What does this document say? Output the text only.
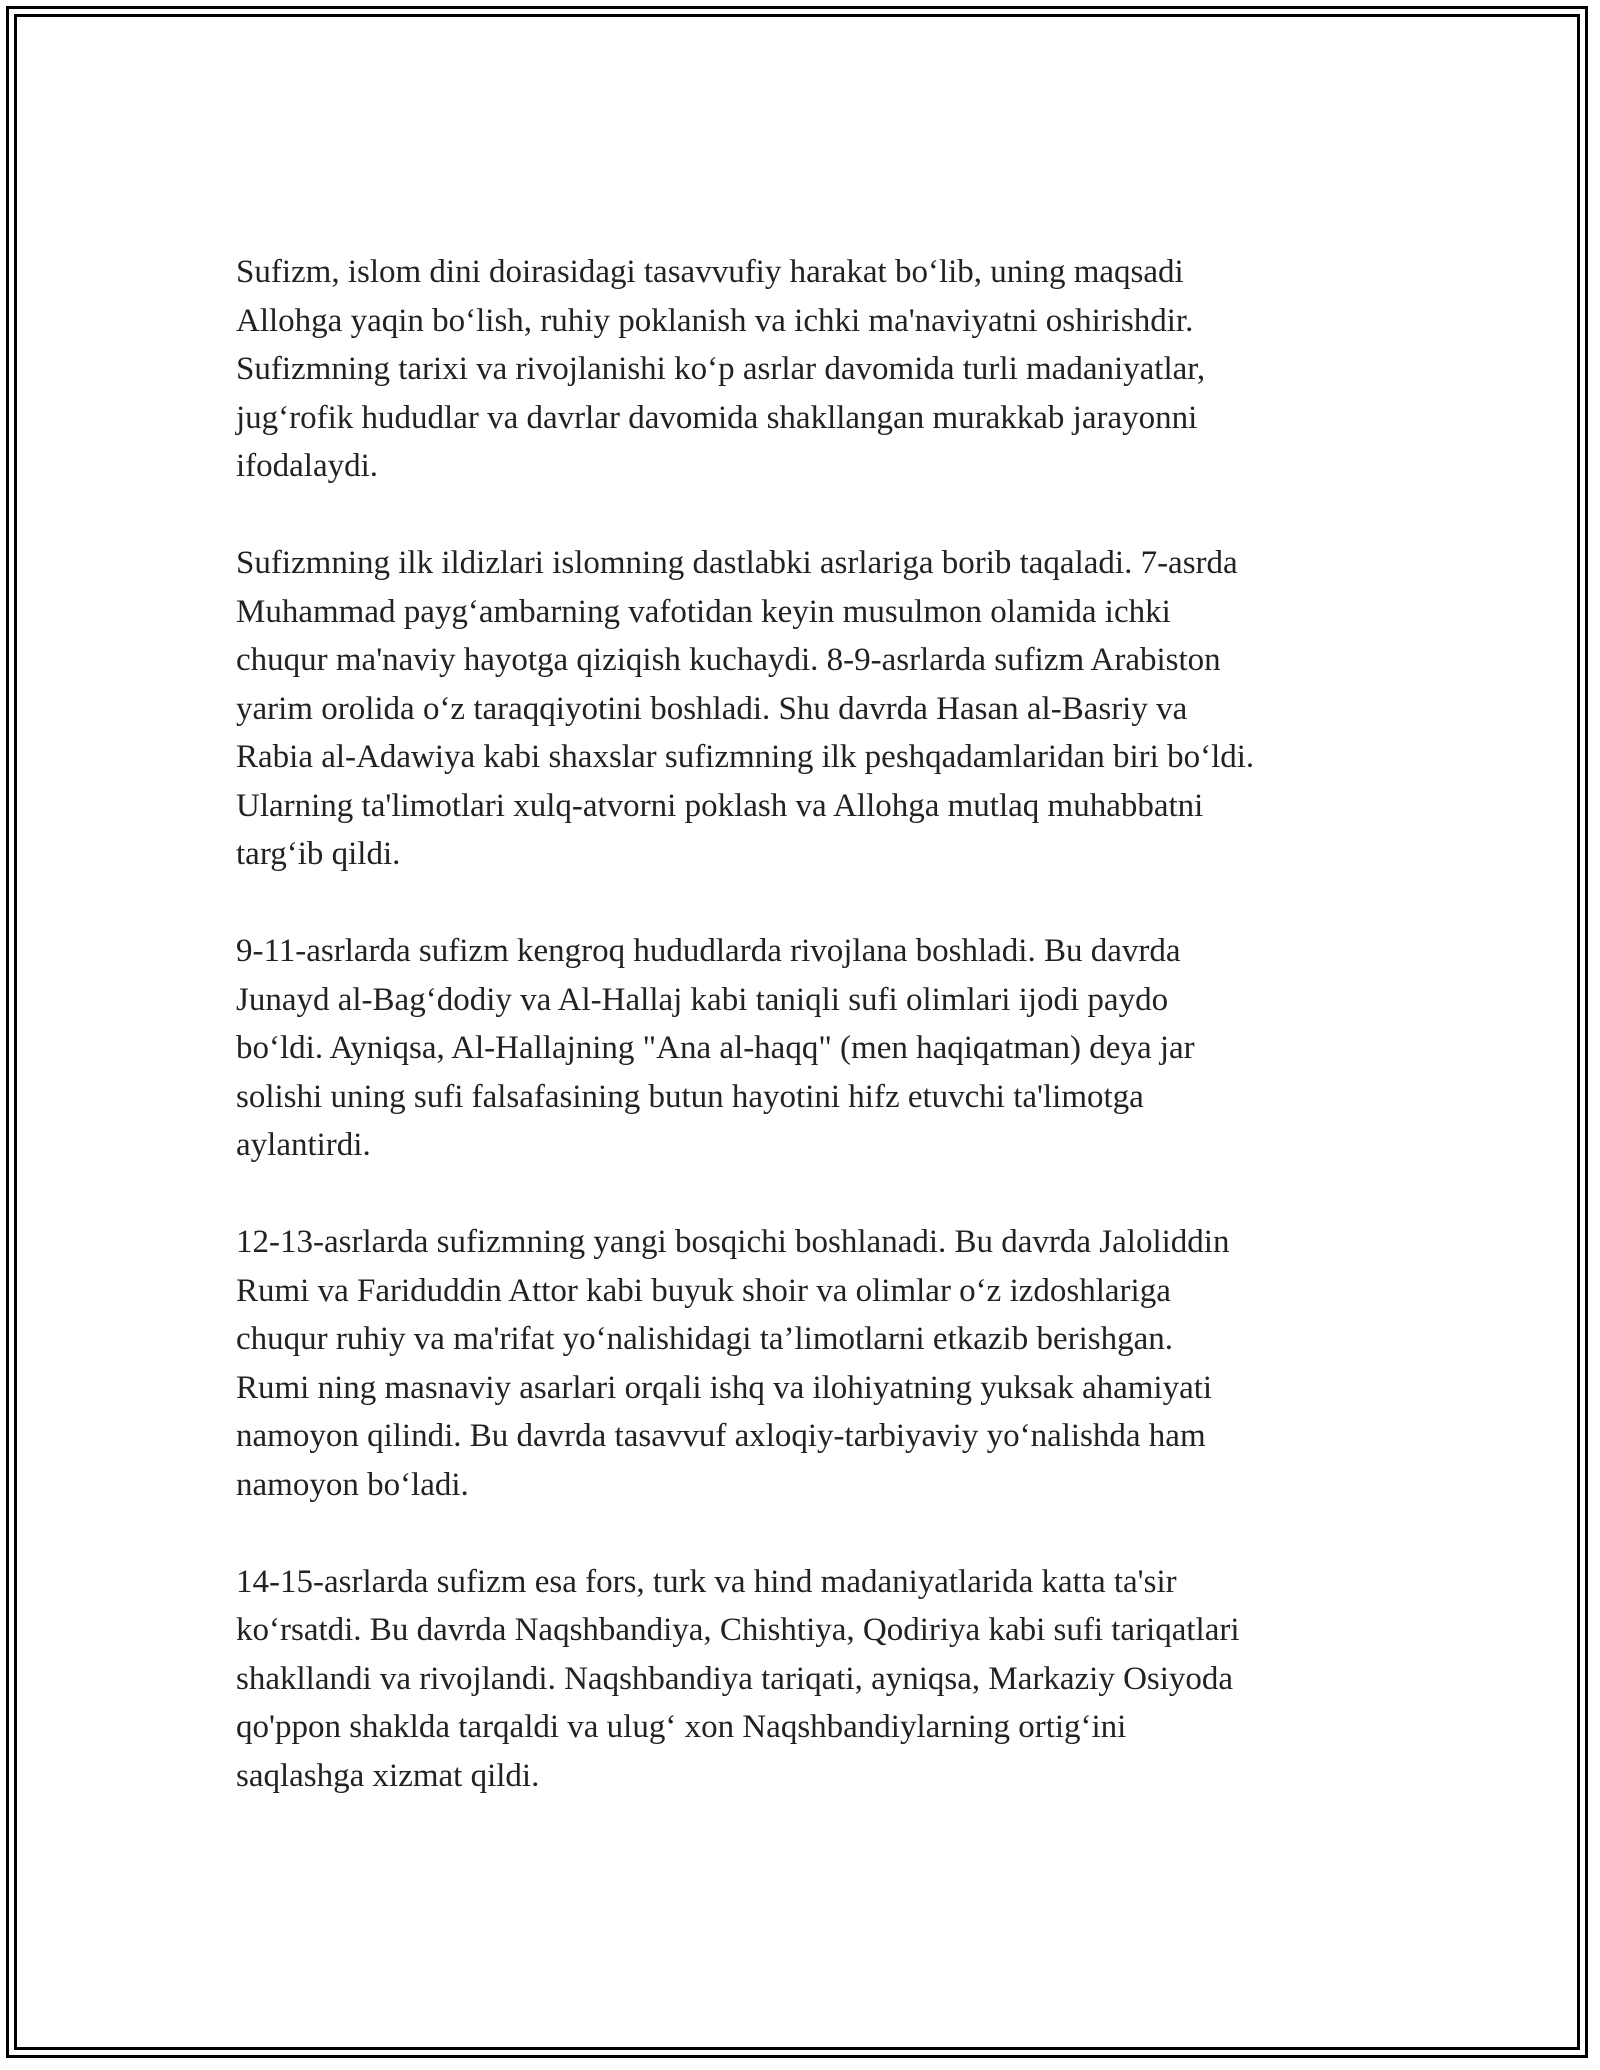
Sufizm, islom dini doirasidagi tasavvufiy harakat bo‘lib, uning maqsadi
Allohga yaqin bo‘lish, ruhiy poklanish va ichki ma'naviyatni oshirishdir.
Sufizmning tarixi va rivojlanishi ko‘p asrlar davomida turli madaniyatlar,
jug‘rofik hududlar va davrlar davomida shakllangan murakkab jarayonni
ifodalaydi.

Sufizmning ilk ildizlari islomning dastlabki asrlariga borib taqaladi. 7-asrda
Muhammad payg‘ambarning vafotidan keyin musulmon olamida ichki
chuqur ma'naviy hayotga qiziqish kuchaydi. 8-9-asrlarda sufizm Arabiston
yarim orolida o‘z taraqqiyotini boshladi. Shu davrda Hasan al-Basriy va
Rabia al-Adawiya kabi shaxslar sufizmning ilk peshqadamlaridan biri bo‘ldi.
Ularning ta'limotlari xulq-atvorni poklash va Allohga mutlaq muhabbatni
targ‘ib qildi.

9-11-asrlarda sufizm kengroq hududlarda rivojlana boshladi. Bu davrda
Junayd al-Bag‘dodiy va Al-Hallaj kabi taniqli sufi olimlari ijodi paydo
bo‘ldi. Ayniqsa, Al-Hallajning "Ana al-haqq" (men haqiqatman) deya jar
solishi uning sufi falsafasining butun hayotini hifz etuvchi ta'limotga
aylantirdi.

12-13-asrlarda sufizmning yangi bosqichi boshlanadi. Bu davrda Jaloliddin
Rumi va Fariduddin Attor kabi buyuk shoir va olimlar o‘z izdoshlariga
chuqur ruhiy va ma'rifat yo‘nalishidagi ta’limotlarni etkazib berishgan.
Rumi ning masnaviy asarlari orqali ishq va ilohiyatning yuksak ahamiyati
namoyon qilindi. Bu davrda tasavvuf axloqiy-tarbiyaviy yo‘nalishda ham
namoyon bo‘ladi.

14-15-asrlarda sufizm esa fors, turk va hind madaniyatlarida katta ta'sir
ko‘rsatdi. Bu davrda Naqshbandiya, Chishtiya, Qodiriya kabi sufi tariqatlari
shakllandi va rivojlandi. Naqshbandiya tariqati, ayniqsa, Markaziy Osiyoda
qo'ppon shaklda tarqaldi va ulug‘ xon Naqshbandiylarning ortig‘ini
saqlashga xizmat qildi.
